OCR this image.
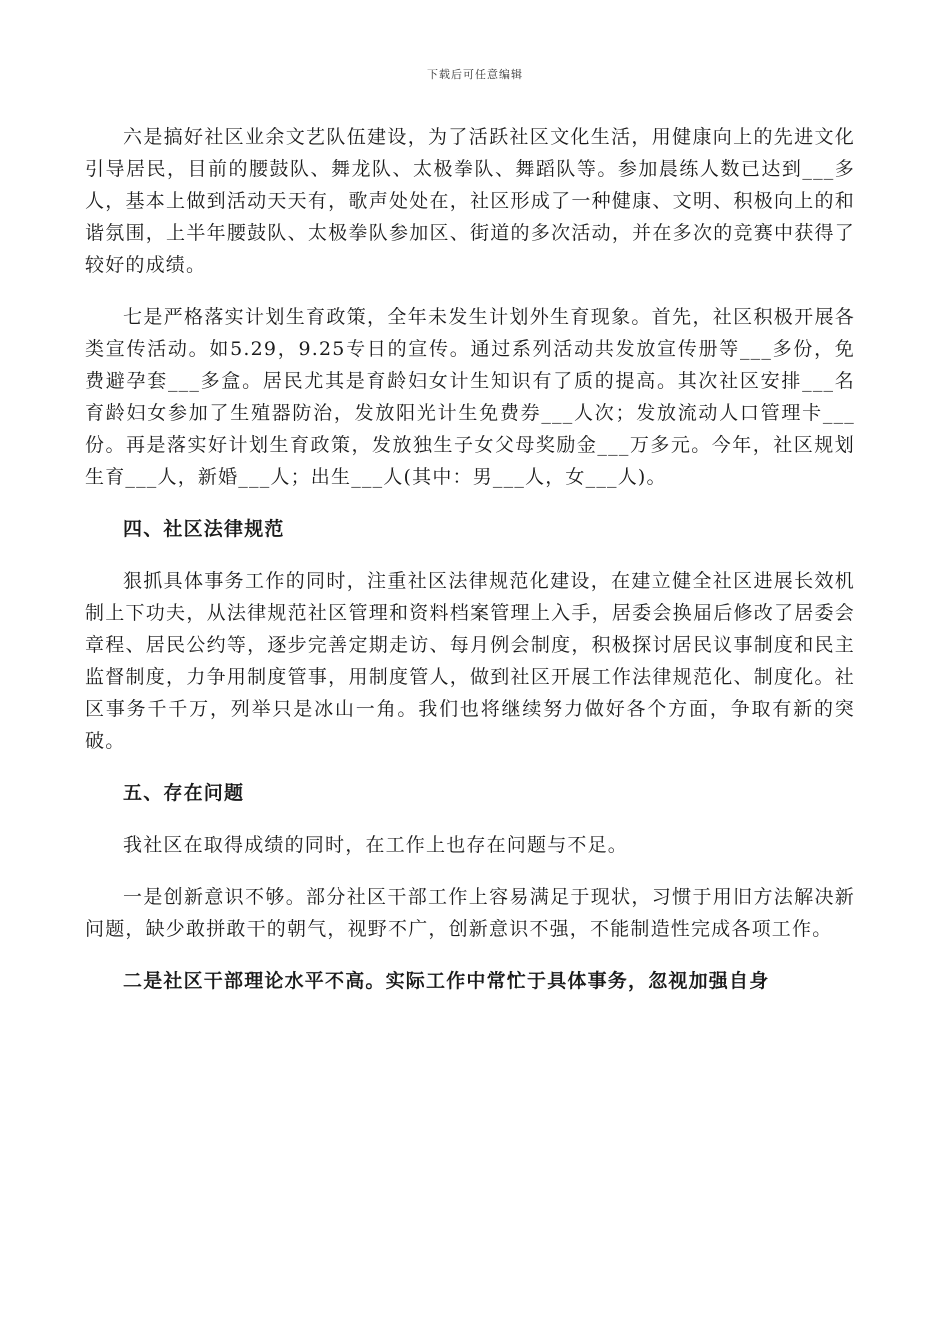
下载后可任意编辑

六是搞好社区业余文艺队伍建设，为了活跃社区文化生活，用健康向上的先进文化引导居民，目前的腰鼓队、舞龙队、太极拳队、舞蹈队等。参加晨练人数已达到___多人，基本上做到活动天天有，歌声处处在，社区形成了一种健康、文明、积极向上的和谐氛围，上半年腰鼓队、太极拳队参加区、街道的多次活动，并在多次的竞赛中获得了较好的成绩。

七是严格落实计划生育政策，全年未发生计划外生育现象。首先，社区积极开展各类宣传活动。如5.29，9.25专日的宣传。通过系列活动共发放宣传册等___多份，免费避孕套___多盒。居民尤其是育龄妇女计生知识有了质的提高。其次社区安排___名育龄妇女参加了生殖器防治，发放阳光计生免费券___人次；发放流动人口管理卡___份。再是落实好计划生育政策，发放独生子女父母奖励金___万多元。今年，社区规划生育___人，新婚___人；出生___人(其中：男___人，女___人)。

四、社区法律规范

狠抓具体事务工作的同时，注重社区法律规范化建设，在建立健全社区进展长效机制上下功夫，从法律规范社区管理和资料档案管理上入手，居委会换届后修改了居委会章程、居民公约等，逐步完善定期走访、每月例会制度，积极探讨居民议事制度和民主监督制度，力争用制度管事，用制度管人，做到社区开展工作法律规范化、制度化。社区事务千千万，列举只是冰山一角。我们也将继续努力做好各个方面，争取有新的突破。

五、存在问题

我社区在取得成绩的同时，在工作上也存在问题与不足。

一是创新意识不够。部分社区干部工作上容易满足于现状，习惯于用旧方法解决新问题，缺少敢拼敢干的朝气，视野不广，创新意识不强，不能制造性完成各项工作。

二是社区干部理论水平不高。实际工作中常忙于具体事务，忽视加强自身
